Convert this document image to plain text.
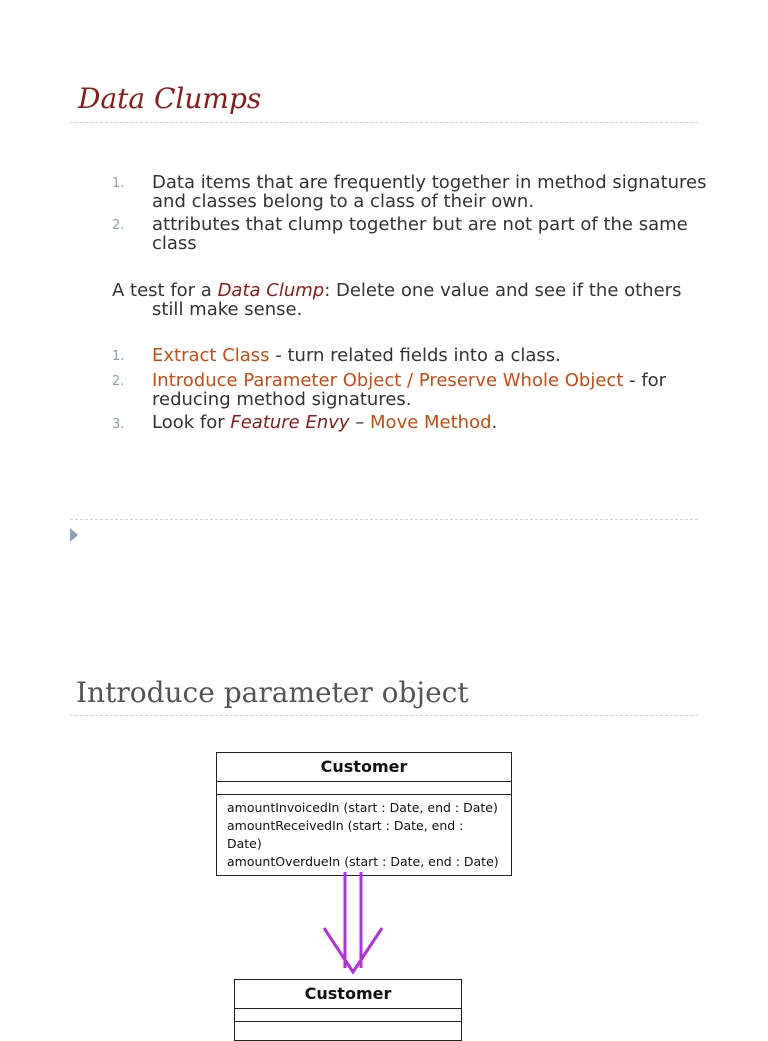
Data Clumps
1.	Data items that are frequently together in method signatures
and classes belong to a class of their own.
2.	attributes that clump together but are not part of the same
class
A test for a Data Clump: Delete one value and see if the others
still make sense.
1.	Extract Class - turn related fields into a class.
2.	Introduce Parameter Object / Preserve Whole Object - for
reducing method signatures.
3.	Look for Feature Envy – Move Method.
Introduce parameter object
Customer
amountInvoicedIn (start : Date, end : Date)
amountReceivedIn (start : Date, end : Date)
amountOverdueIn (start : Date, end : Date)
Customer
